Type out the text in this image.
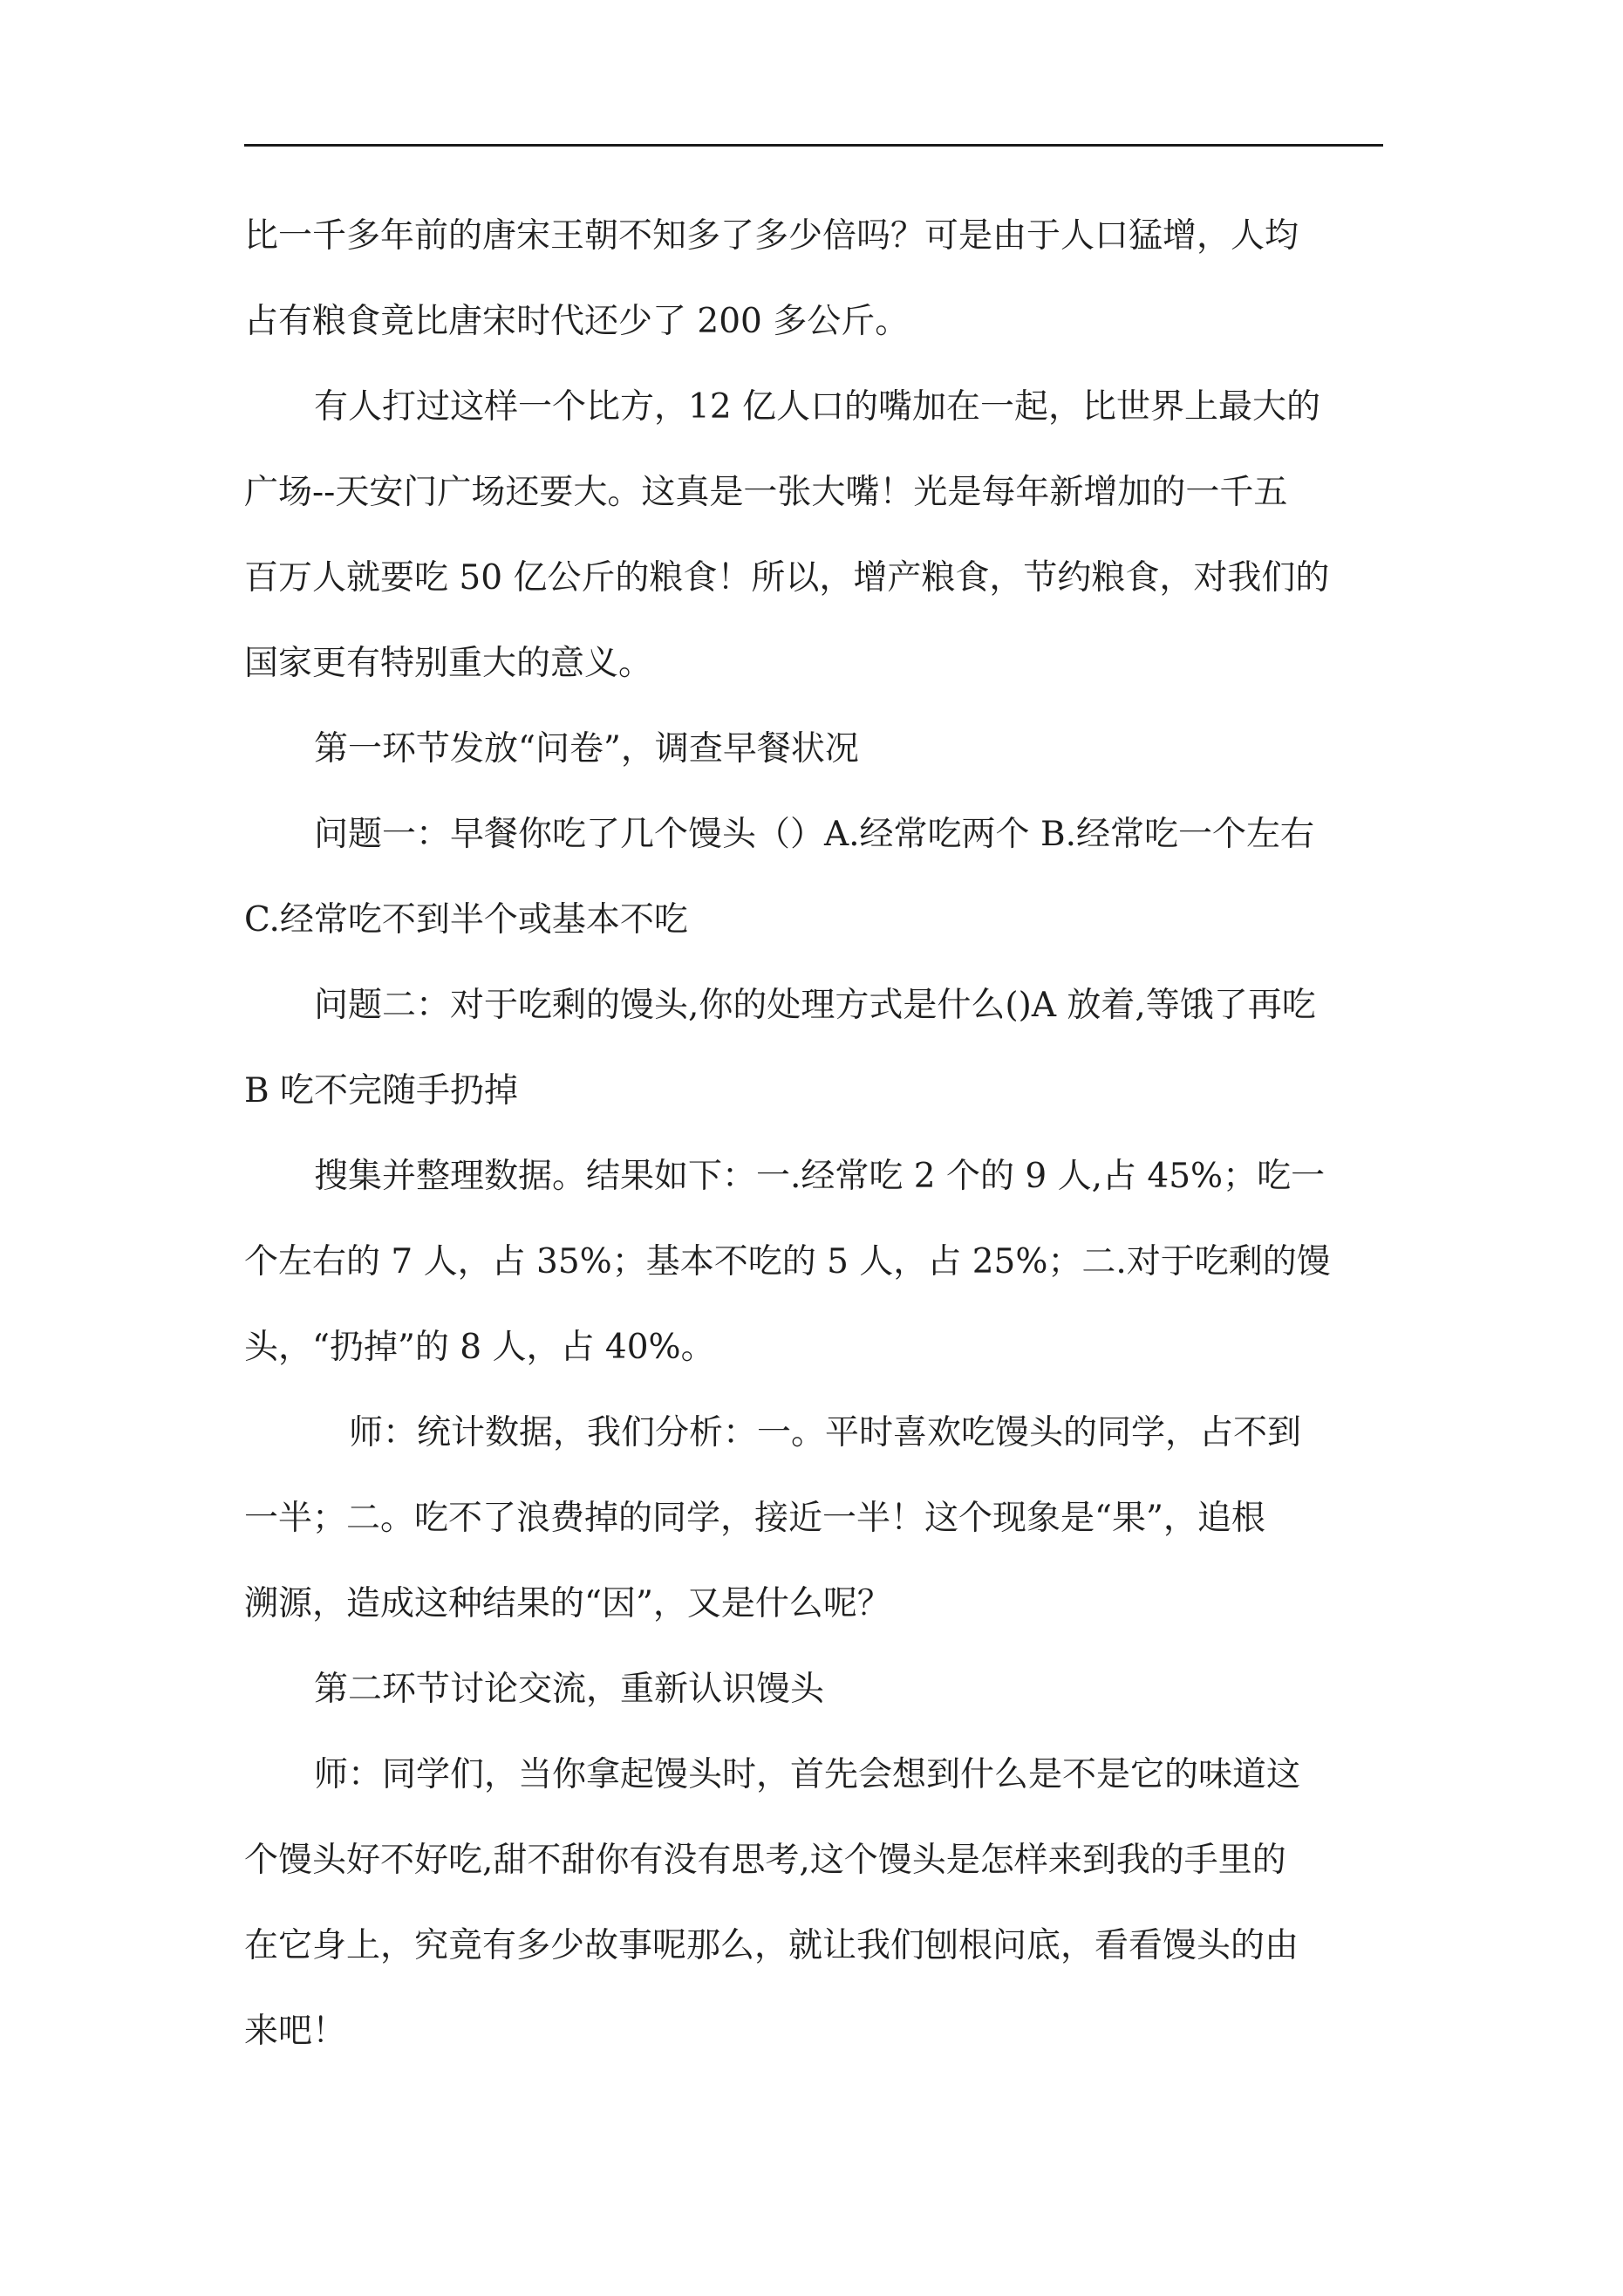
比一千多年前的唐宋王朝不知多了多少倍吗？可是由于人口猛增，人均

占有粮食竟比唐宋时代还少了 200 多公斤。

有人打过这样一个比方，12 亿人口的嘴加在一起，比世界上最大的

广场--天安门广场还要大。这真是一张大嘴！光是每年新增加的一千五

百万人就要吃 50 亿公斤的粮食！所以，增产粮食，节约粮食，对我们的

国家更有特别重大的意义。

第一环节发放“问卷”，调查早餐状况

问题一：早餐你吃了几个馒头（）A.经常吃两个 B.经常吃一个左右

C.经常吃不到半个或基本不吃

问题二：对于吃剩的馒头,你的处理方式是什么()A 放着,等饿了再吃

B 吃不完随手扔掉

搜集并整理数据。结果如下：一.经常吃 2 个的 9 人,占 45%；吃一

个左右的 7 人，占 35%；基本不吃的 5 人，占 25%；二.对于吃剩的馒

头，“扔掉”的 8 人，占 40%。

师：统计数据，我们分析：一。平时喜欢吃馒头的同学，占不到

一半；二。吃不了浪费掉的同学，接近一半！这个现象是“果”，追根

溯源，造成这种结果的“因”，又是什么呢？

第二环节讨论交流，重新认识馒头

师：同学们，当你拿起馒头时，首先会想到什么是不是它的味道这

个馒头好不好吃,甜不甜你有没有思考,这个馒头是怎样来到我的手里的

在它身上，究竟有多少故事呢那么，就让我们刨根问底，看看馒头的由

来吧！
